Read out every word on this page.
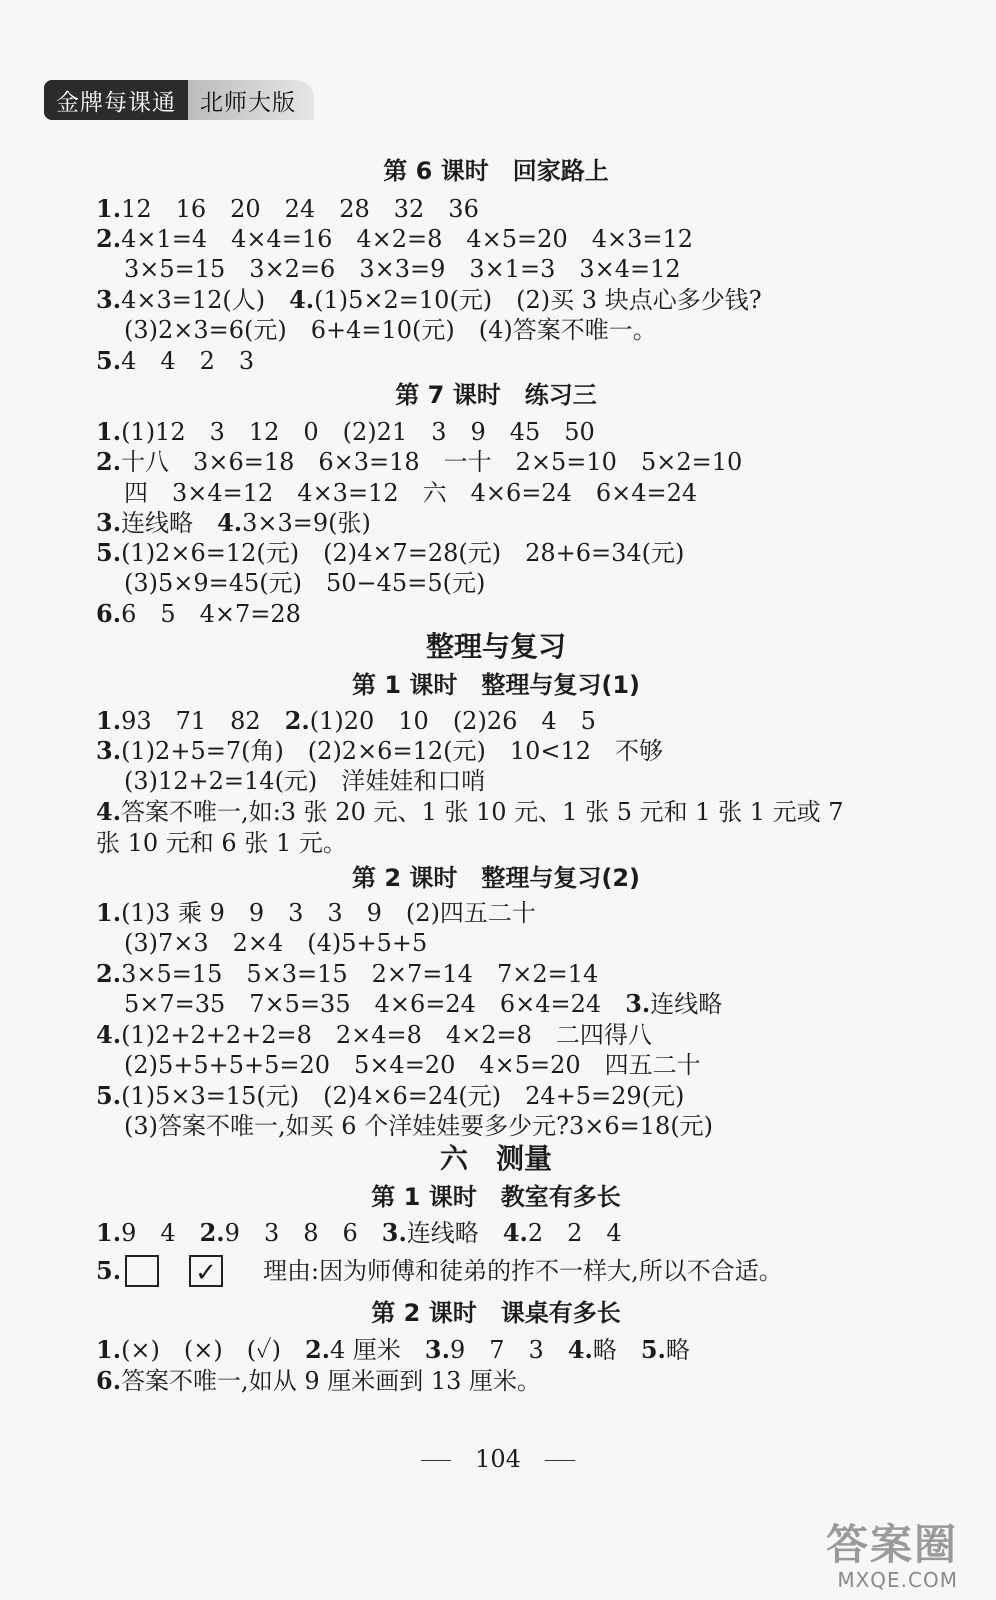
金牌每课通	北师大版
第 6 课时　回家路上
1.12　16　20　24　28　32　36
2.4×1=4　4×4=16　4×2=8　4×5=20　4×3=12
3×5=15　3×2=6　3×3=9　3×1=3　3×4=12
3.4×3=12(人)　4.(1)5×2=10(元)　(2)买 3 块点心多少钱?
(3)2×3=6(元)　6+4=10(元)　(4)答案不唯一。
5.4　4　2　3
第 7 课时　练习三
1.(1)12　3　12　0　(2)21　3　9　45　50
2.十八　3×6=18　6×3=18　一十　2×5=10　5×2=10
四　3×4=12　4×3=12　六　4×6=24　6×4=24
3.连线略　4.3×3=9(张)
5.(1)2×6=12(元)　(2)4×7=28(元)　28+6=34(元)
(3)5×9=45(元)　50−45=5(元)
6.6　5　4×7=28
整理与复习
第 1 课时　整理与复习(1)
1.93　71　82　2.(1)20　10　(2)26　4　5
3.(1)2+5=7(角)　(2)2×6=12(元)　10<12　不够
(3)12+2=14(元)　洋娃娃和口哨
4.答案不唯一,如:3 张 20 元、1 张 10 元、1 张 5 元和 1 张 1 元或 7
张 10 元和 6 张 1 元。
第 2 课时　整理与复习(2)
1.(1)3 乘 9　9　3　3　9　(2)四五二十
(3)7×3　2×4　(4)5+5+5
2.3×5=15　5×3=15　2×7=14　7×2=14
5×7=35　7×5=35　4×6=24　6×4=24　3.连线略
4.(1)2+2+2+2=8　2×4=8　4×2=8　二四得八
(2)5+5+5+5=20　5×4=20　4×5=20　四五二十
5.(1)5×3=15(元)　(2)4×6=24(元)　24+5=29(元)
(3)答案不唯一,如买 6 个洋娃娃要多少元?3×6=18(元)
六　测量
第 1 课时　教室有多长
1.9　4　2.9　3　8　6　3.连线略　4.2　2　4
5.	✓ 理由:因为师傅和徒弟的拃不一样大,所以不合适。
第 2 课时　课桌有多长
1.(×)　(×)　(✓)　2.4 厘米　3.9　7　3　4.略　5.略
6.答案不唯一,如从 9 厘米画到 13 厘米。
104
答案圈
MXQE.COM
